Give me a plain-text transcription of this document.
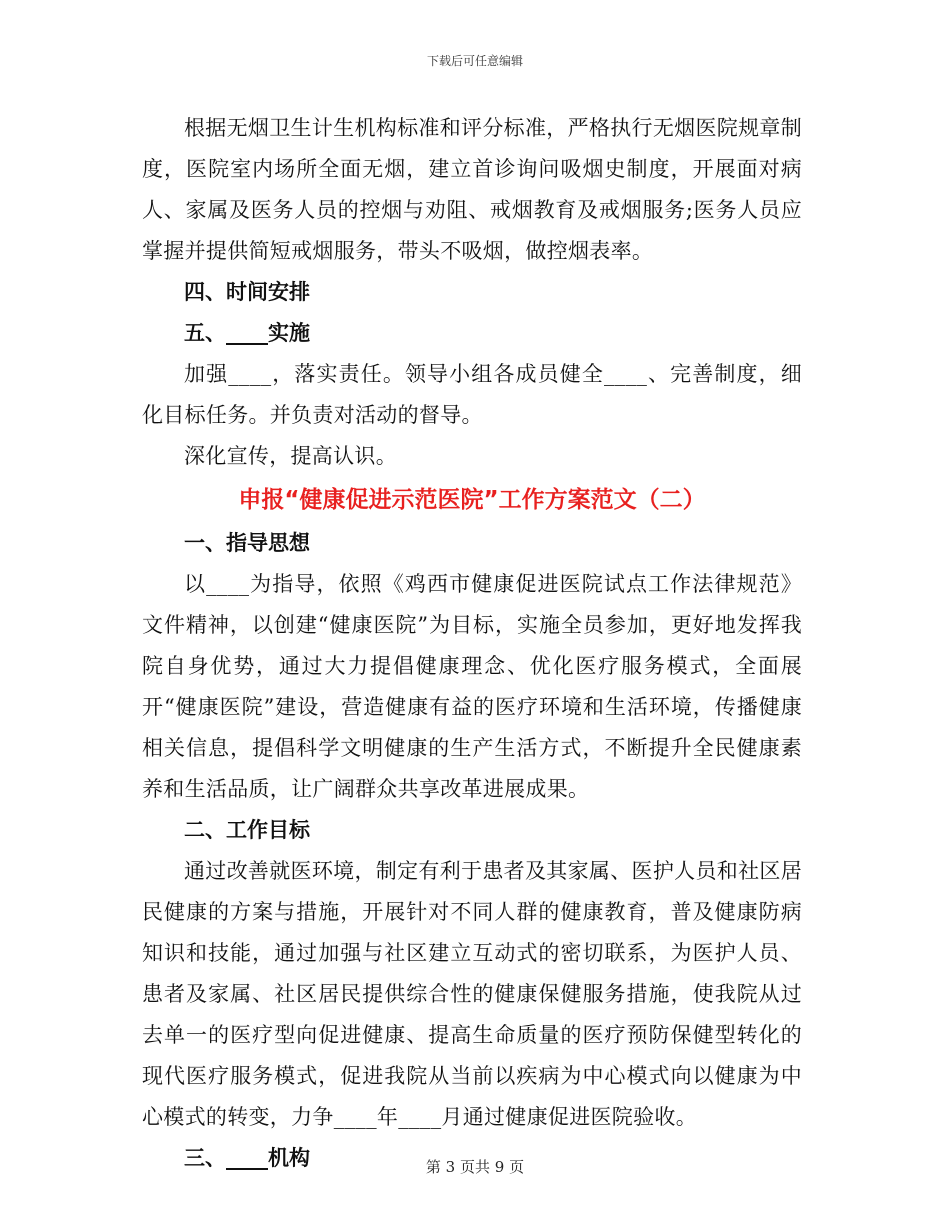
下载后可任意编辑

根据无烟卫生计生机构标准和评分标准，严格执行无烟医院规章制度，医院室内场所全面无烟，建立首诊询问吸烟史制度，开展面对病人、家属及医务人员的控烟与劝阻、戒烟教育及戒烟服务;医务人员应掌握并提供简短戒烟服务，带头不吸烟，做控烟表率。

四、时间安排

五、____实施

加强____，落实责任。领导小组各成员健全____、完善制度，细化目标任务。并负责对活动的督导。

深化宣传，提高认识。

申报“健康促进示范医院”工作方案范文（二）

一、指导思想

以____为指导，依照《鸡西市健康促进医院试点工作法律规范》文件精神，以创建“健康医院”为目标，实施全员参加，更好地发挥我院自身优势，通过大力提倡健康理念、优化医疗服务模式，全面展开“健康医院”建设，营造健康有益的医疗环境和生活环境，传播健康相关信息，提倡科学文明健康的生产生活方式，不断提升全民健康素养和生活品质，让广阔群众共享改革进展成果。

二、工作目标

通过改善就医环境，制定有利于患者及其家属、医护人员和社区居民健康的方案与措施，开展针对不同人群的健康教育，普及健康防病知识和技能，通过加强与社区建立互动式的密切联系，为医护人员、患者及家属、社区居民提供综合性的健康保健服务措施，使我院从过去单一的医疗型向促进健康、提高生命质量的医疗预防保健型转化的现代医疗服务模式，促进我院从当前以疾病为中心模式向以健康为中心模式的转变，力争____年____月通过健康促进医院验收。

三、____机构	第 3 页共 9 页
